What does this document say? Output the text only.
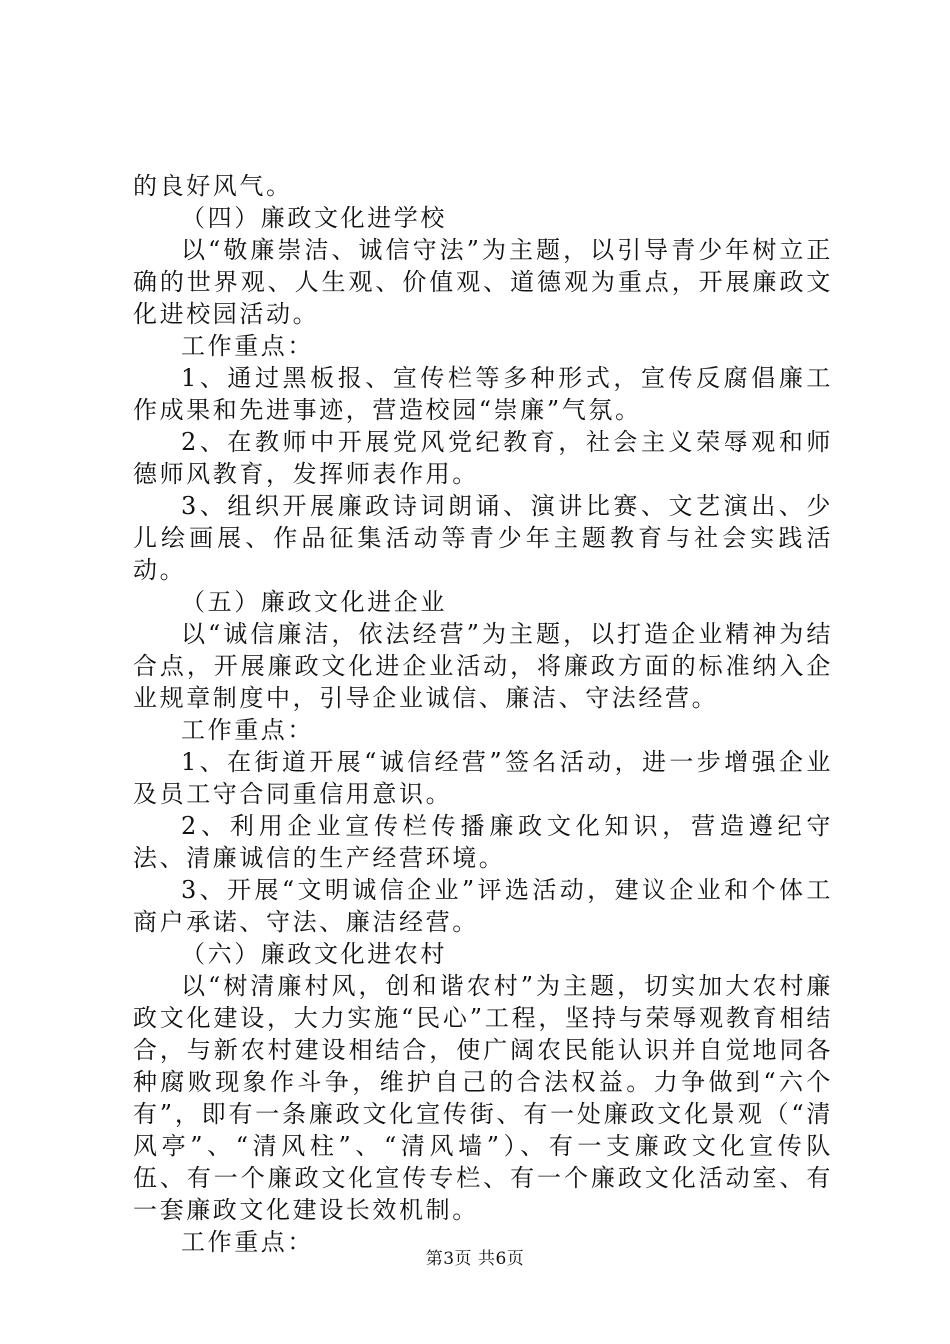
的良好风气。

（四）廉政文化进学校

以“敬廉崇洁、诚信守法”为主题，以引导青少年树立正确的世界观、人生观、价值观、道德观为重点，开展廉政文化进校园活动。

工作重点：

1、通过黑板报、宣传栏等多种形式，宣传反腐倡廉工作成果和先进事迹，营造校园“崇廉”气氛。

2、在教师中开展党风党纪教育，社会主义荣辱观和师德师风教育，发挥师表作用。

3、组织开展廉政诗词朗诵、演讲比赛、文艺演出、少儿绘画展、作品征集活动等青少年主题教育与社会实践活动。

（五）廉政文化进企业

以“诚信廉洁，依法经营”为主题，以打造企业精神为结合点，开展廉政文化进企业活动，将廉政方面的标准纳入企业规章制度中，引导企业诚信、廉洁、守法经营。

工作重点：

1、在街道开展“诚信经营”签名活动，进一步增强企业及员工守合同重信用意识。

2、利用企业宣传栏传播廉政文化知识，营造遵纪守法、清廉诚信的生产经营环境。

3、开展“文明诚信企业”评选活动，建议企业和个体工商户承诺、守法、廉洁经营。

（六）廉政文化进农村

以“树清廉村风，创和谐农村”为主题，切实加大农村廉政文化建设，大力实施“民心”工程，坚持与荣辱观教育相结合，与新农村建设相结合，使广阔农民能认识并自觉地同各种腐败现象作斗争，维护自己的合法权益。力争做到“六个有”，即有一条廉政文化宣传街、有一处廉政文化景观（“清风亭”、“清风柱”、“清风墙”）、有一支廉政文化宣传队伍、有一个廉政文化宣传专栏、有一个廉政文化活动室、有一套廉政文化建设长效机制。

工作重点：

第3页 共6页
